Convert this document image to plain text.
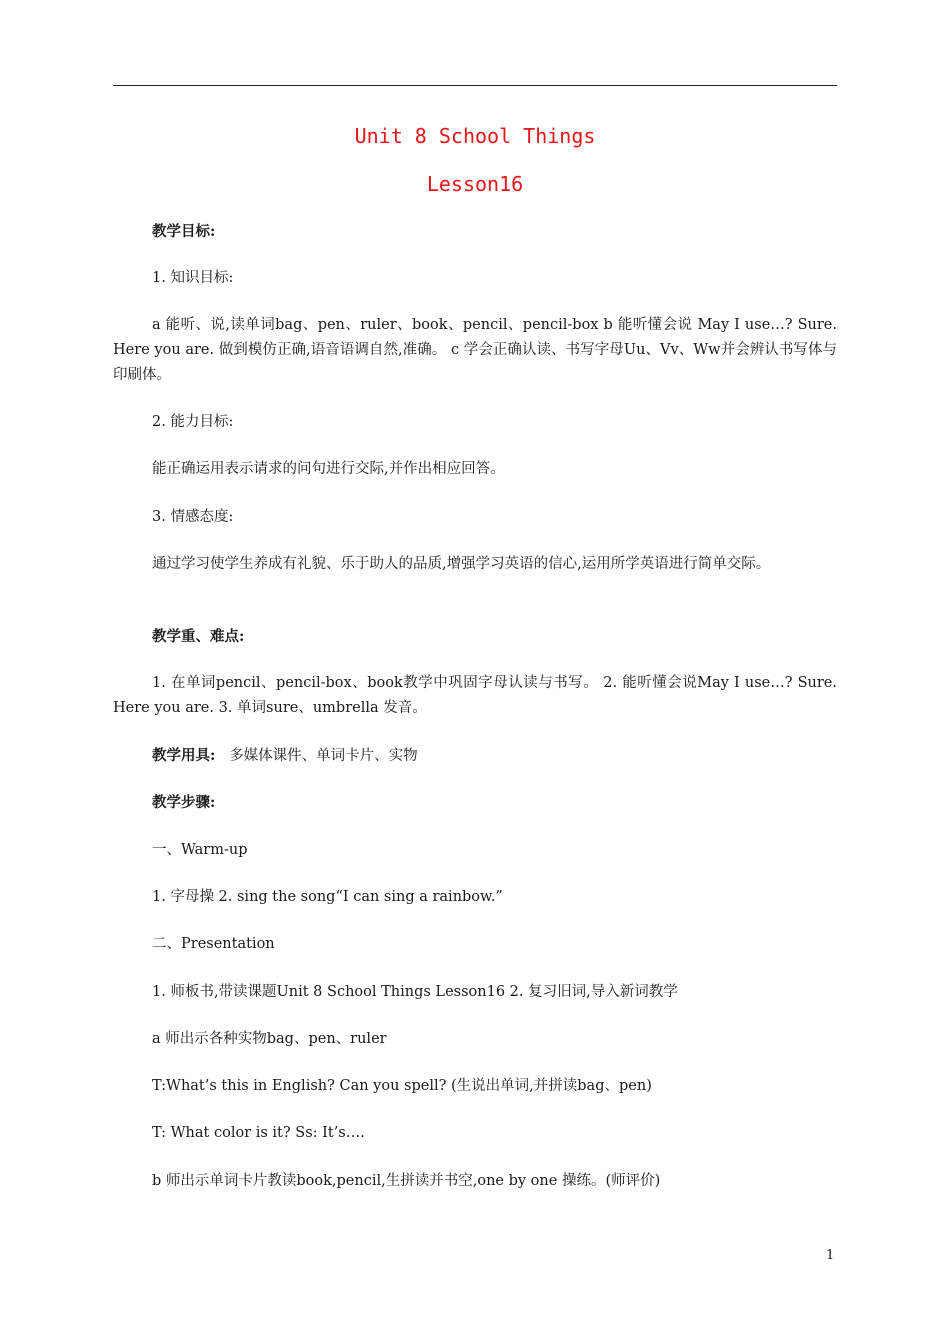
Unit 8 School Things
Lesson16
教学目标:
1. 知识目标:
a 能听、说,读单词bag、pen、ruler、book、pencil、pencil-box b 能听懂会说 May I use…? Sure. Here you are. 做到模仿正确,语音语调自然,准确。 c 学会正确认读、书写字母Uu、Vv、Ww并会辨认书写体与印刷体。
2. 能力目标:
能正确运用表示请求的问句进行交际,并作出相应回答。
3. 情感态度:
通过学习使学生养成有礼貌、乐于助人的品质,增强学习英语的信心,运用所学英语进行简单交际。
教学重、难点:
1. 在单词pencil、pencil-box、book教学中巩固字母认读与书写。 2. 能听懂会说May I use…? Sure. Here you are. 3. 单词sure、umbrella 发音。
教学用具: 多媒体课件、单词卡片、实物
教学步骤:
一、Warm-up
1. 字母操 2. sing the song“I can sing a rainbow.”
二、Presentation
1. 师板书,带读课题Unit 8 School Things Lesson16 2. 复习旧词,导入新词教学
a 师出示各种实物bag、pen、ruler
T:What’s this in English? Can you spell? (生说出单词,并拼读bag、pen)
T: What color is it? Ss: It’s….
b 师出示单词卡片教读book,pencil,生拼读并书空,one by one 操练。(师评价)
1
